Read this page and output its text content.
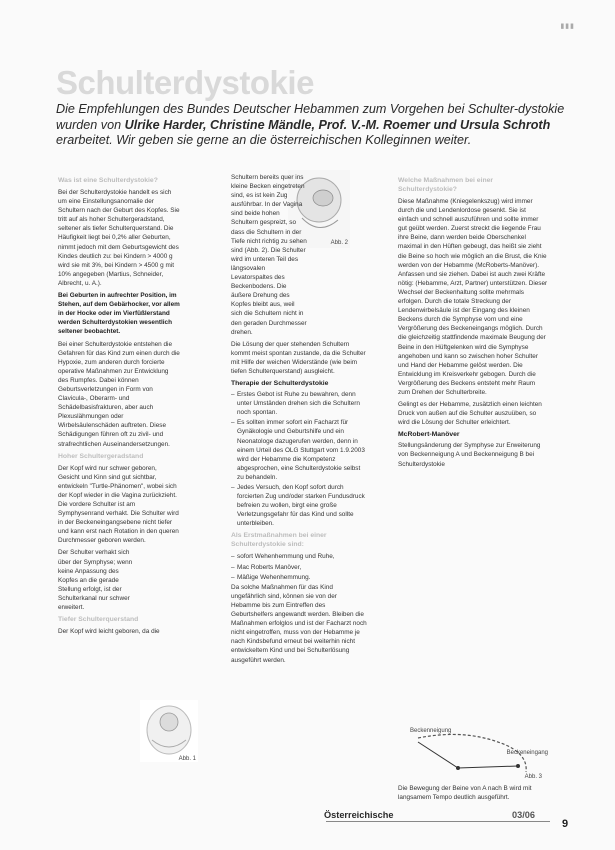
▮▮▮
Schulterdystokie
Die Empfehlungen des Bundes Deutscher Hebammen zum Vorgehen bei Schulter-dystokie wurden von Ulrike Harder, Christine Mändle, Prof. V.-M. Roemer und Ursula Schroth erarbeitet. Wir geben sie gerne an die österreichischen Kolleginnen weiter.
Was ist eine Schulterdystokie?

Bei der Schulterdystokie handelt es sich um eine Einstellungsanomalie der Schultern nach der Geburt des Kopfes. Sie tritt auf als hoher Schultergeradstand, seltener als tiefer Schulterquerstand. Die Häufigkeit liegt bei 0,2% aller Geburten, nimmt jedoch mit dem Geburtsgewicht des Kindes deutlich zu: bei Kindern > 4000 g wird sie mit 3%, bei Kindern > 4500 g mit 10% angegeben (Martius, Schneider, Albrecht, u. A.).

Bei Geburten in aufrechter Position, im Stehen, auf dem Gebärhocker, vor allem in der Hocke oder im Vierfüßlerstand werden Schulterdystokien wesentlich seltener beobachtet.

Bei einer Schulterdystokie entstehen die Gefahren für das Kind zum einen durch die Hypoxie, zum anderen durch forcierte operative Maßnahmen zur Entwicklung des Rumpfes. Dabei können Geburtsverletzungen in Form von Clavicula-, Oberarm- und Schädelbasisfrakturen, aber auch Plexuslähmungen oder Wirbelsäulenschäden auftreten. Diese Schädigungen führen oft zu zivil- und strafrechtlichen Auseinandersetzungen.

Hoher Schultergeradstand

Der Kopf wird nur schwer geboren, Gesicht und Kinn sind gut sichtbar, entwickeln "Turtle-Phänomen", wobei sich der Kopf wieder in die Vagina zurückzieht. Die vordere Schulter ist am Symphysenrand verhakt. Die Schulter wird in der Beckeneingangsebene nicht tiefer und kann erst nach Rotation in den queren Durchmesser geboren werden.

Der Schulter verhakt sich über der Symphyse; wenn keine Anpassung des Kopfes an die gerade Stellung erfolgt, ist der Schulterkanal nur schwer erweitert.

Tiefer Schulterquerstand

Der Kopf wird leicht geboren, da die

Abb. 1
Abb. 2

Schultern bereits quer ins kleine Becken eingetreten sind, es ist kein Zug ausführbar. In der Vagina sind beide hohen Schultern gespreizt, so dass die Schultern in der Tiefe nicht richtig zu sehen sind (Abb. 2). Die Schulter wird im unteren Teil des längsovalen Levatorspaltes des Beckenbodens. Die äußere Drehung des Kopfes bleibt aus, weil sich die Schultern nicht in den geraden Durchmesser drehen.

Die Lösung der quer stehenden Schultern kommt meist spontan zustande, da die Schulter mit Hilfe der weichen Widerstände (wie beim tiefen Schulterquerstand) ausgleicht.

Therapie der Schulterdystokie
– Erstes Gebot ist Ruhe zu bewahren, denn unter Umständen drehen sich die Schultern noch spontan.
– Es sollten immer sofort ein Facharzt für Gynäkologie und Geburtshilfe und ein Neonatologe dazugerufen werden, denn in einem Urteil des OLG Stuttgart vom 1.9.2003 wird der Hebamme die Kompetenz abgesprochen, eine Schulterdystokie selbst zu behandeln.
– Jedes Versuch, den Kopf sofort durch forcierten Zug und/oder starken Fundusdruck befreien zu wollen, birgt eine große Verletzungsgefahr für das Kind und sollte unterbleiben.
Als Erstmaßnahmen bei einer Schulterdystokie sind:
– sofort Wehenhemmung und Ruhe,
– Mac Roberts Manöver,
– Mäßige Wehenhemmung.

Da solche Maßnahmen für das Kind ungefährlich sind, können sie von der Hebamme bis zum Eintreffen des Geburtshelfers angewandt werden. Bleiben die Maßnahmen erfolglos und ist der Facharzt noch nicht eingetroffen, muss von der Hebamme je nach Kindsbefund erneut bei weiterhin nicht entwickeltem Kind und bei Schulterlösung ausgeführt werden.

Welche Maßnahmen bei einer Schulterdystokie?

Diese Maßnahme (Kniegelenkszug) wird immer durch die und Lendenlordose gesenkt. Sie ist einfach und schnell auszuführen und sollte immer gut geübt werden. Zuerst streckt die liegende Frau ihre Beine, dann werden beide Oberschenkel maximal in den Hüften gebeugt, das heißt sie zieht die Beine so hoch wie möglich an die Brust, die Knie werden von der Hebamme (McRoberts-Manöver). Anfassen und sie ziehen. Dabei ist auch zwei Kräfte nötig: (Hebamme, Arzt, Partner) unterstützen. Dieser Wechsel der Beckenhaltung sollte mehrmals erfolgen. Durch die totale Streckung der Lendenwirbelsäule ist der Eingang des kleinen Beckens durch die Symphyse vorn und eine Vergrößerung des Beckeneingangs möglich. Durch die gleichzeitig stattfindende maximale Beugung der Beine in den Hüftgelenken wird die Symphyse angehoben und kann so zwischen hoher Schulter und Hand der Hebamme gelöst werden. Die Entwicklung im Kreisverkehr gebogen. Durch die Vergrößerung des Beckens entsteht mehr Raum zum Drehen der Schulterbreite.

Gelingt es der Hebamme, zusätzlich einen leichten Druck von außen auf die Schulter auszuüben, so wird die Lösung der Schulter erleichtert.

McRobert-Manöver

Stellungsänderung der Symphyse zur Erweiterung von Beckenneigung A und Beckenneigung B bei Schulterdystokie

Beckenneigung
Beckeneingang
Abb. 3

Die Bewegung der Beine von A nach B wird mit langsamem Tempo deutlich ausgeführt.

Österreichische	03/06
9
